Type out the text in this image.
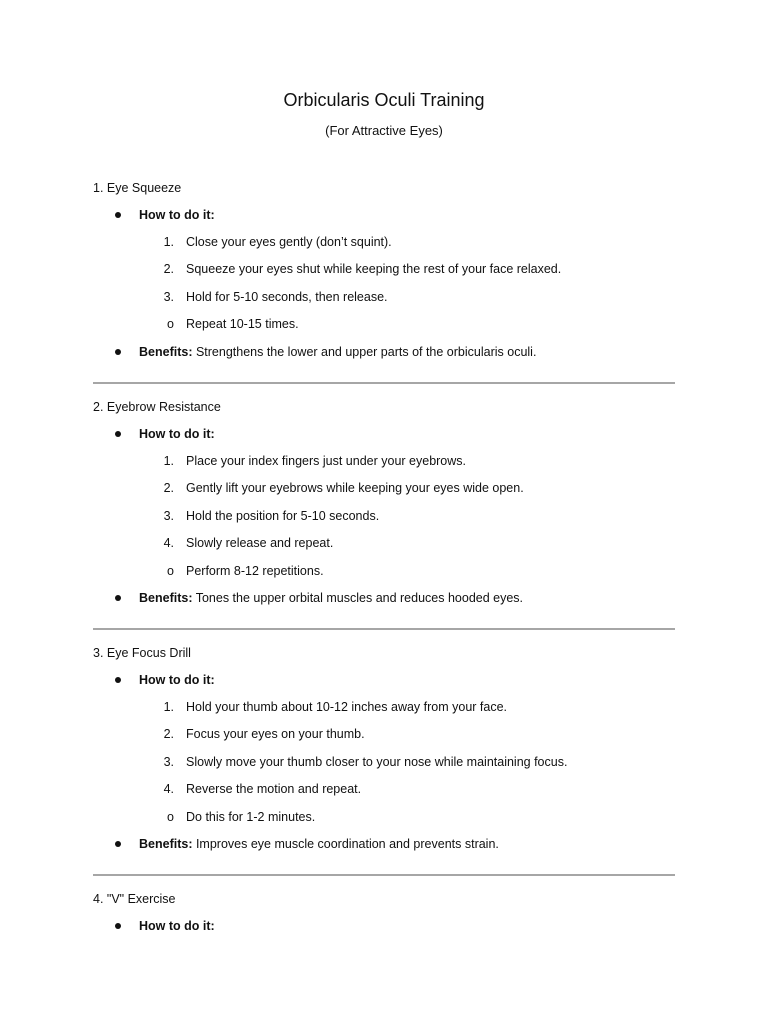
Orbicularis Oculi Training
(For Attractive Eyes)
1. Eye Squeeze
How to do it:
1. Close your eyes gently (don’t squint).
2. Squeeze your eyes shut while keeping the rest of your face relaxed.
3. Hold for 5-10 seconds, then release.
o Repeat 10-15 times.
Benefits: Strengthens the lower and upper parts of the orbicularis oculi.
2. Eyebrow Resistance
How to do it:
1. Place your index fingers just under your eyebrows.
2. Gently lift your eyebrows while keeping your eyes wide open.
3. Hold the position for 5-10 seconds.
4. Slowly release and repeat.
o Perform 8-12 repetitions.
Benefits: Tones the upper orbital muscles and reduces hooded eyes.
3. Eye Focus Drill
How to do it:
1. Hold your thumb about 10-12 inches away from your face.
2. Focus your eyes on your thumb.
3. Slowly move your thumb closer to your nose while maintaining focus.
4. Reverse the motion and repeat.
o Do this for 1-2 minutes.
Benefits: Improves eye muscle coordination and prevents strain.
4. "V" Exercise
How to do it:
